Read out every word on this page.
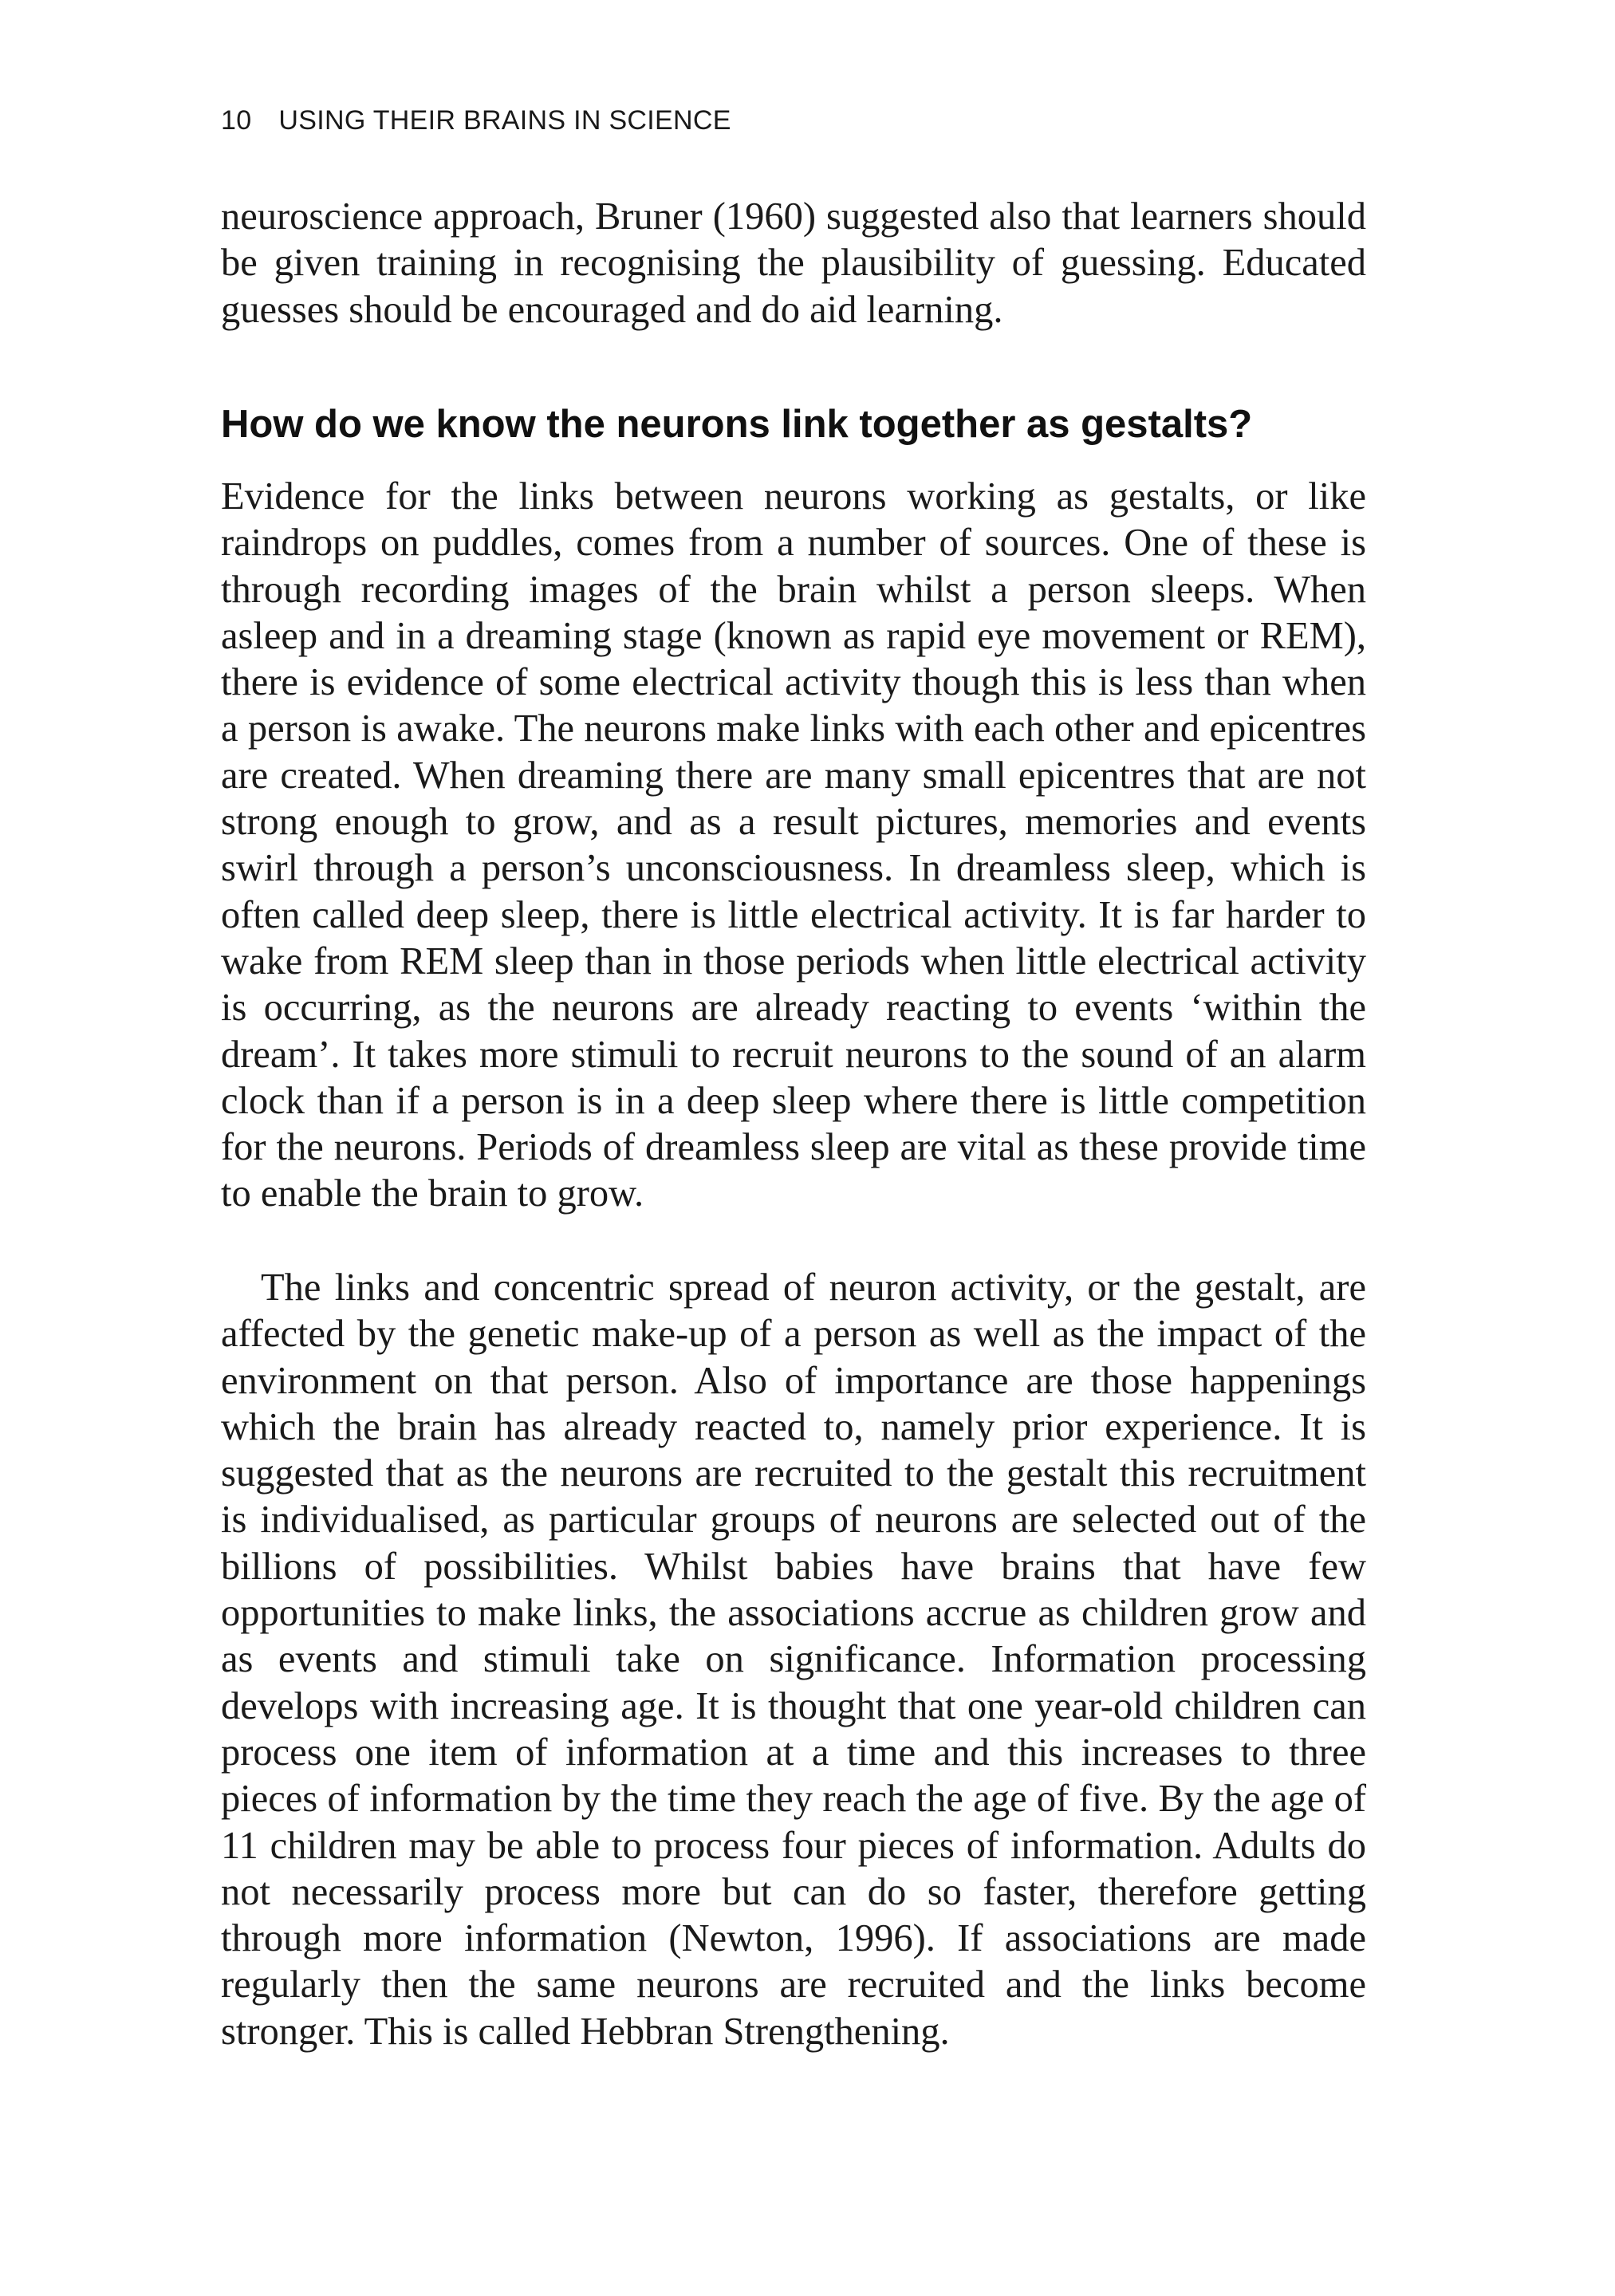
10 USING THEIR BRAINS IN SCIENCE

neuroscience approach, Bruner (1960) suggested also that learners should be given training in recognising the plausibility of guessing. Educated guesses should be encouraged and do aid learning.

How do we know the neurons link together as gestalts?

Evidence for the links between neurons working as gestalts, or like raindrops on puddles, comes from a number of sources. One of these is through recording images of the brain whilst a person sleeps. When asleep and in a dreaming stage (known as rapid eye movement or REM), there is evidence of some electrical activity though this is less than when a person is awake. The neurons make links with each other and epicentres are created. When dreaming there are many small epicentres that are not strong enough to grow, and as a result pictures, memories and events swirl through a person’s unconsciousness. In dreamless sleep, which is often called deep sleep, there is little electrical activity. It is far harder to wake from REM sleep than in those periods when little electrical activity is occurring, as the neurons are already reacting to events ‘within the dream’. It takes more stimuli to recruit neurons to the sound of an alarm clock than if a person is in a deep sleep where there is little competition for the neurons. Periods of dreamless sleep are vital as these provide time to enable the brain to grow.

The links and concentric spread of neuron activity, or the gestalt, are affected by the genetic make-up of a person as well as the impact of the environment on that person. Also of importance are those happenings which the brain has already reacted to, namely prior experience. It is suggested that as the neurons are recruited to the gestalt this recruitment is individualised, as particular groups of neurons are selected out of the billions of possibilities. Whilst babies have brains that have few opportunities to make links, the associations accrue as children grow and as events and stimuli take on significance. Information processing develops with increasing age. It is thought that one year-old children can process one item of information at a time and this increases to three pieces of information by the time they reach the age of five. By the age of 11 children may be able to process four pieces of information. Adults do not necessarily process more but can do so faster, therefore getting through more information (Newton, 1996). If associations are made regularly then the same neurons are recruited and the links become stronger. This is called Hebbran Strengthening.
